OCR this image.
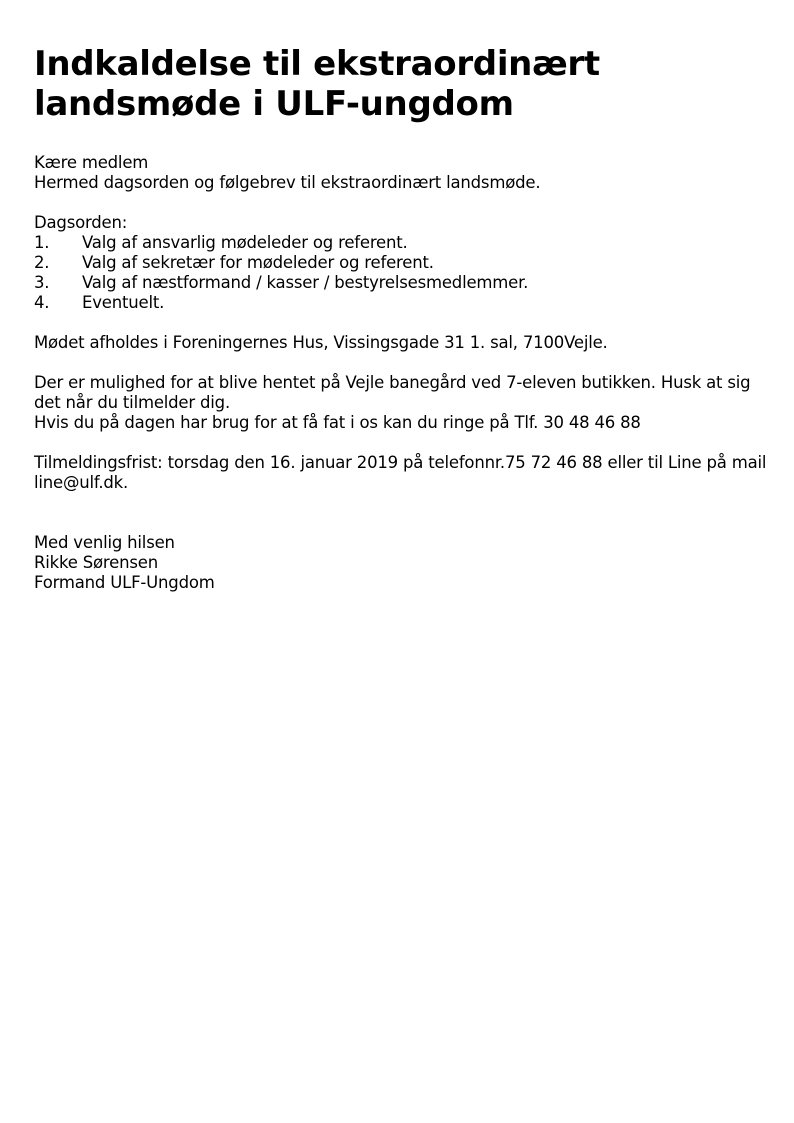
Indkaldelse til ekstraordinært
landsmøde i ULF-ungdom
Kære medlem
Hermed dagsorden og følgebrev til ekstraordinært landsmøde.
Dagsorden:
1. Valg af ansvarlig mødeleder og referent.
2. Valg af sekretær for mødeleder og referent.
3. Valg af næstformand / kasser / bestyrelsesmedlemmer.
4. Eventuelt.
Mødet afholdes i Foreningernes Hus, Vissingsgade 31 1. sal, 7100Vejle.
Der er mulighed for at blive hentet på Vejle banegård ved 7-eleven butikken. Husk at sig
det når du tilmelder dig.
Hvis du på dagen har brug for at få fat i os kan du ringe på Tlf. 30 48 46 88
Tilmeldingsfrist: torsdag den 16. januar 2019 på telefonnr.75 72 46 88 eller til Line på mail
line@ulf.dk.
Med venlig hilsen
Rikke Sørensen
Formand ULF-Ungdom
